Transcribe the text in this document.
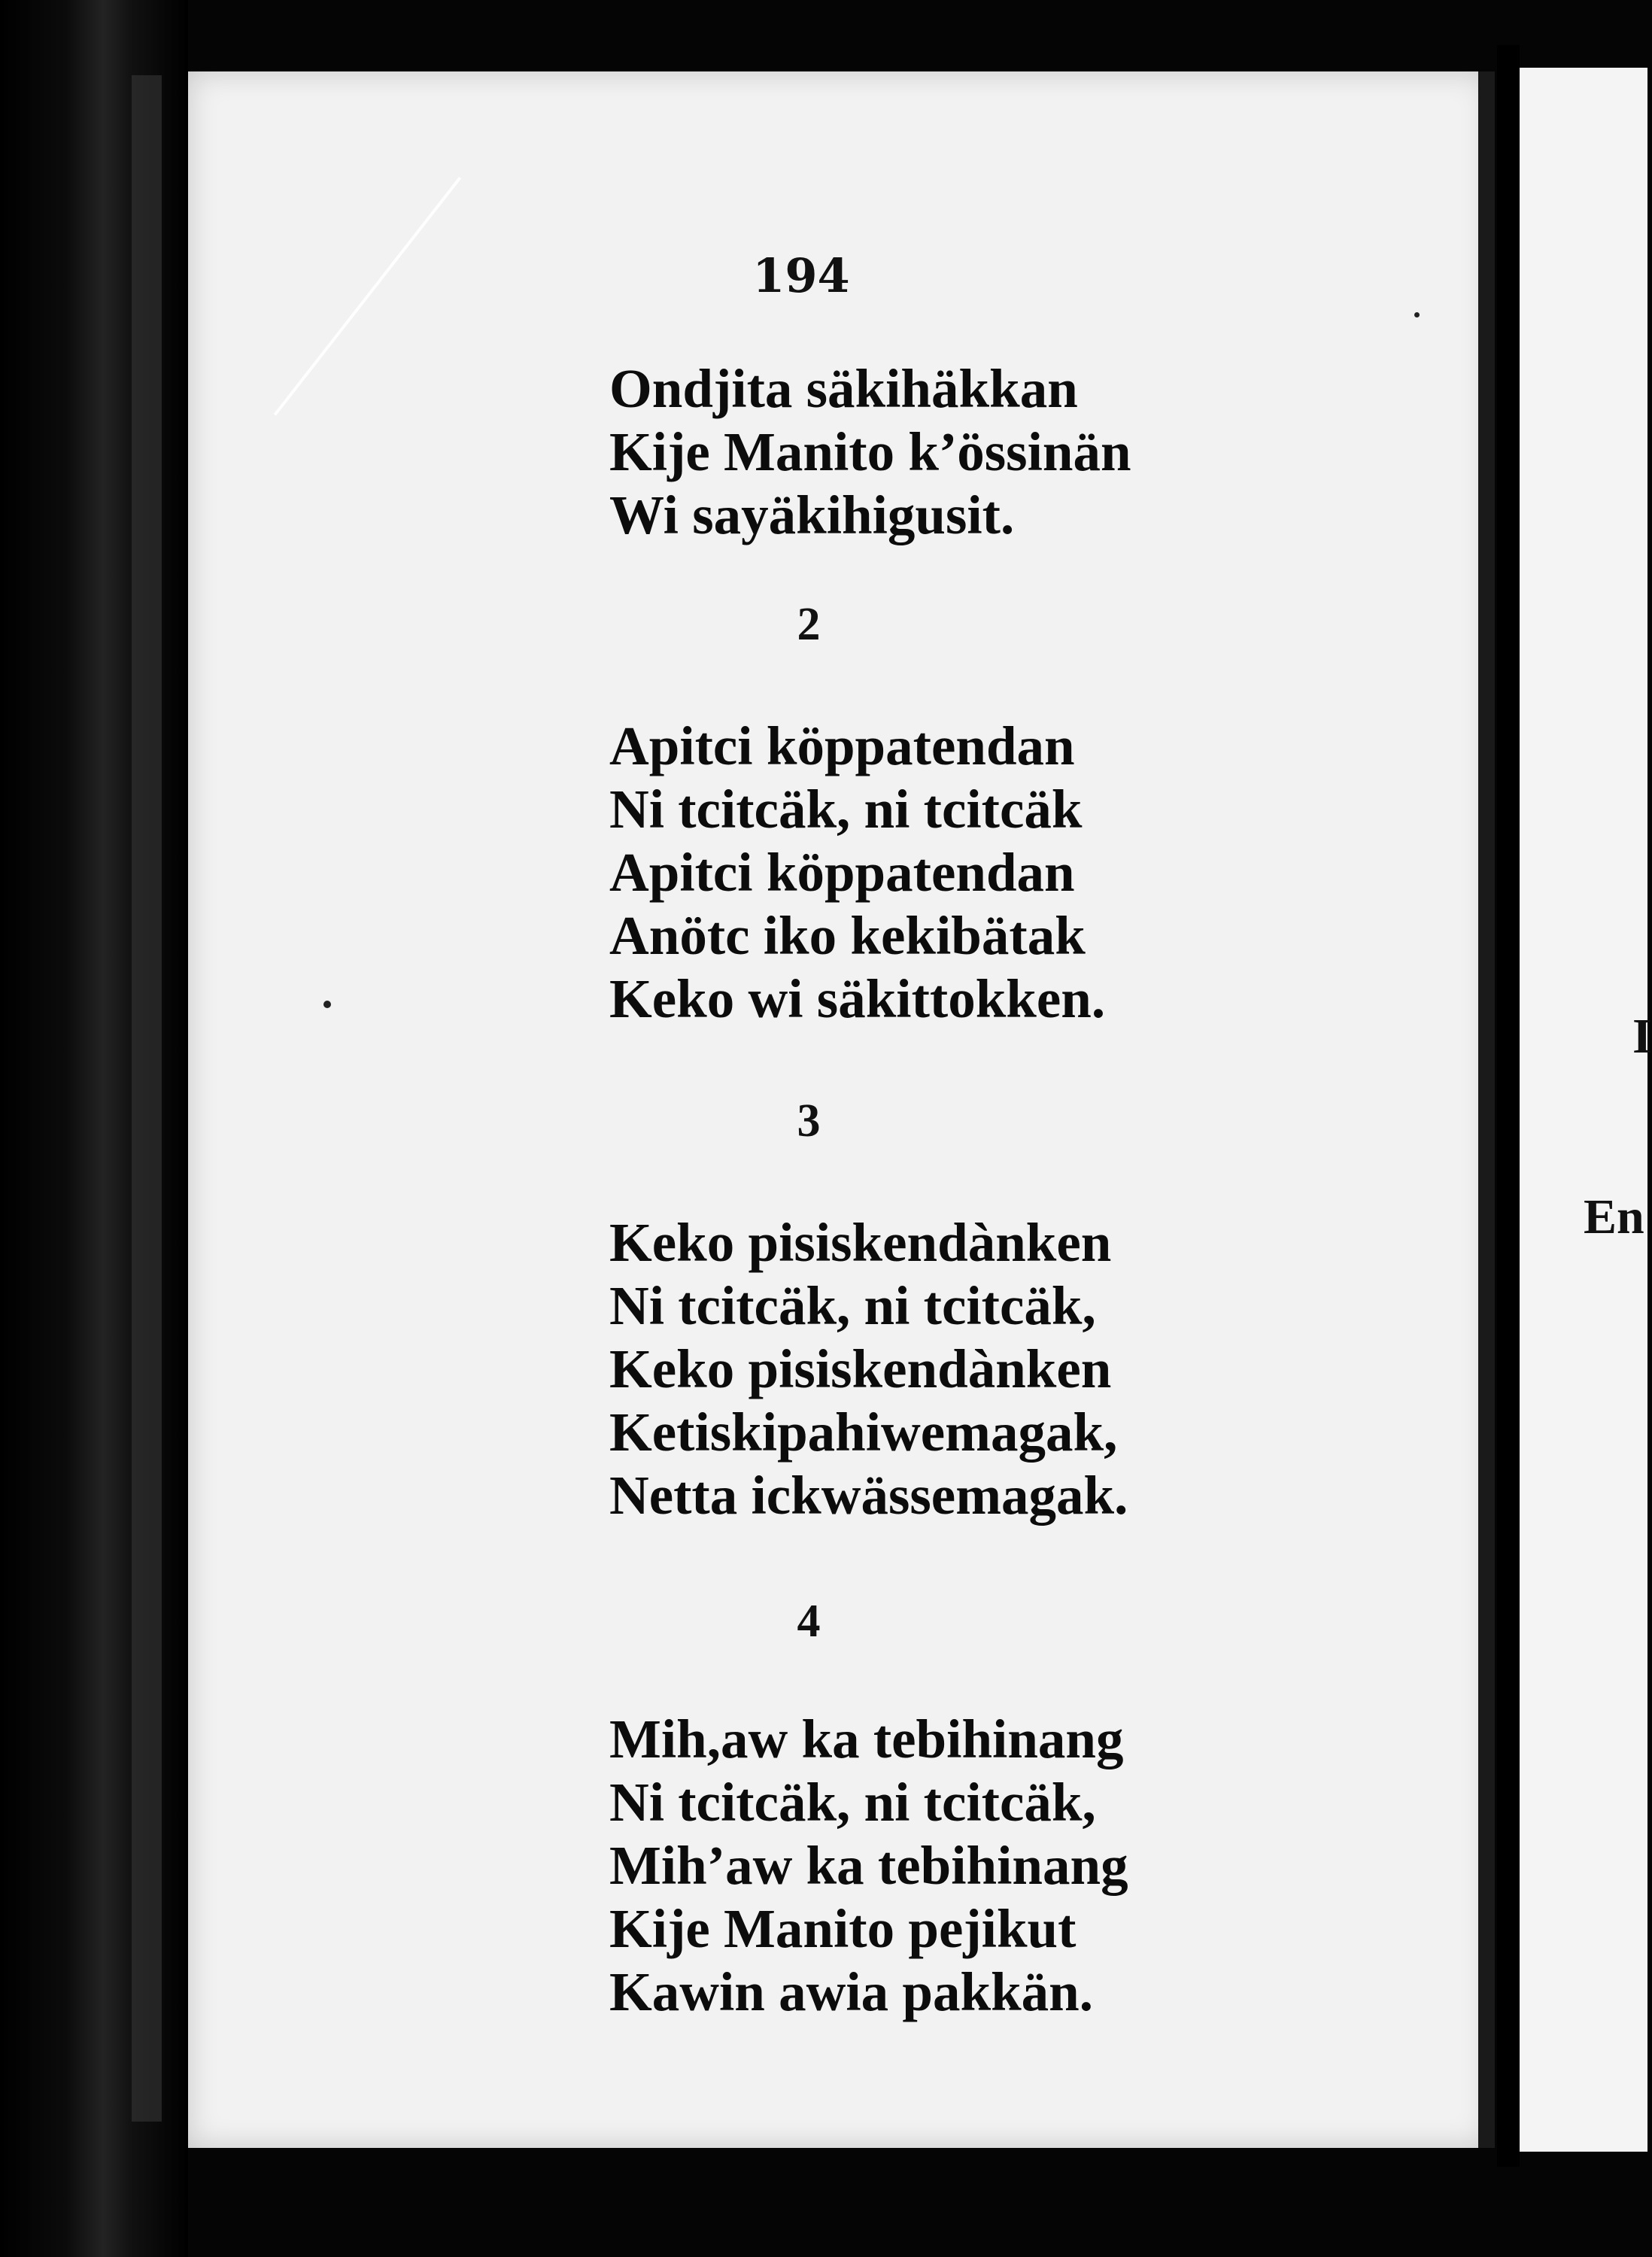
194
Ondjita säkihäkkan
Kije Manito k’össinän
Wi sayäkihigusit.
2
Apitci köppatendan
Ni tcitcäk, ni tcitcäk
Apitci köppatendan
Anötc iko kekibätak
Keko wi säkittokken.
3
Keko pisiskendànken
Ni tcitcäk, ni tcitcäk,
Keko pisiskendànken
Ketiskipahiwemagak,
Netta ickwässemagak.
4
Mih,aw ka tebihinang
Ni tcitcäk, ni tcitcäk,
Mih’aw ka tebihinang
Kije Manito pejikut
Kawin awia pakkän.
I
En
